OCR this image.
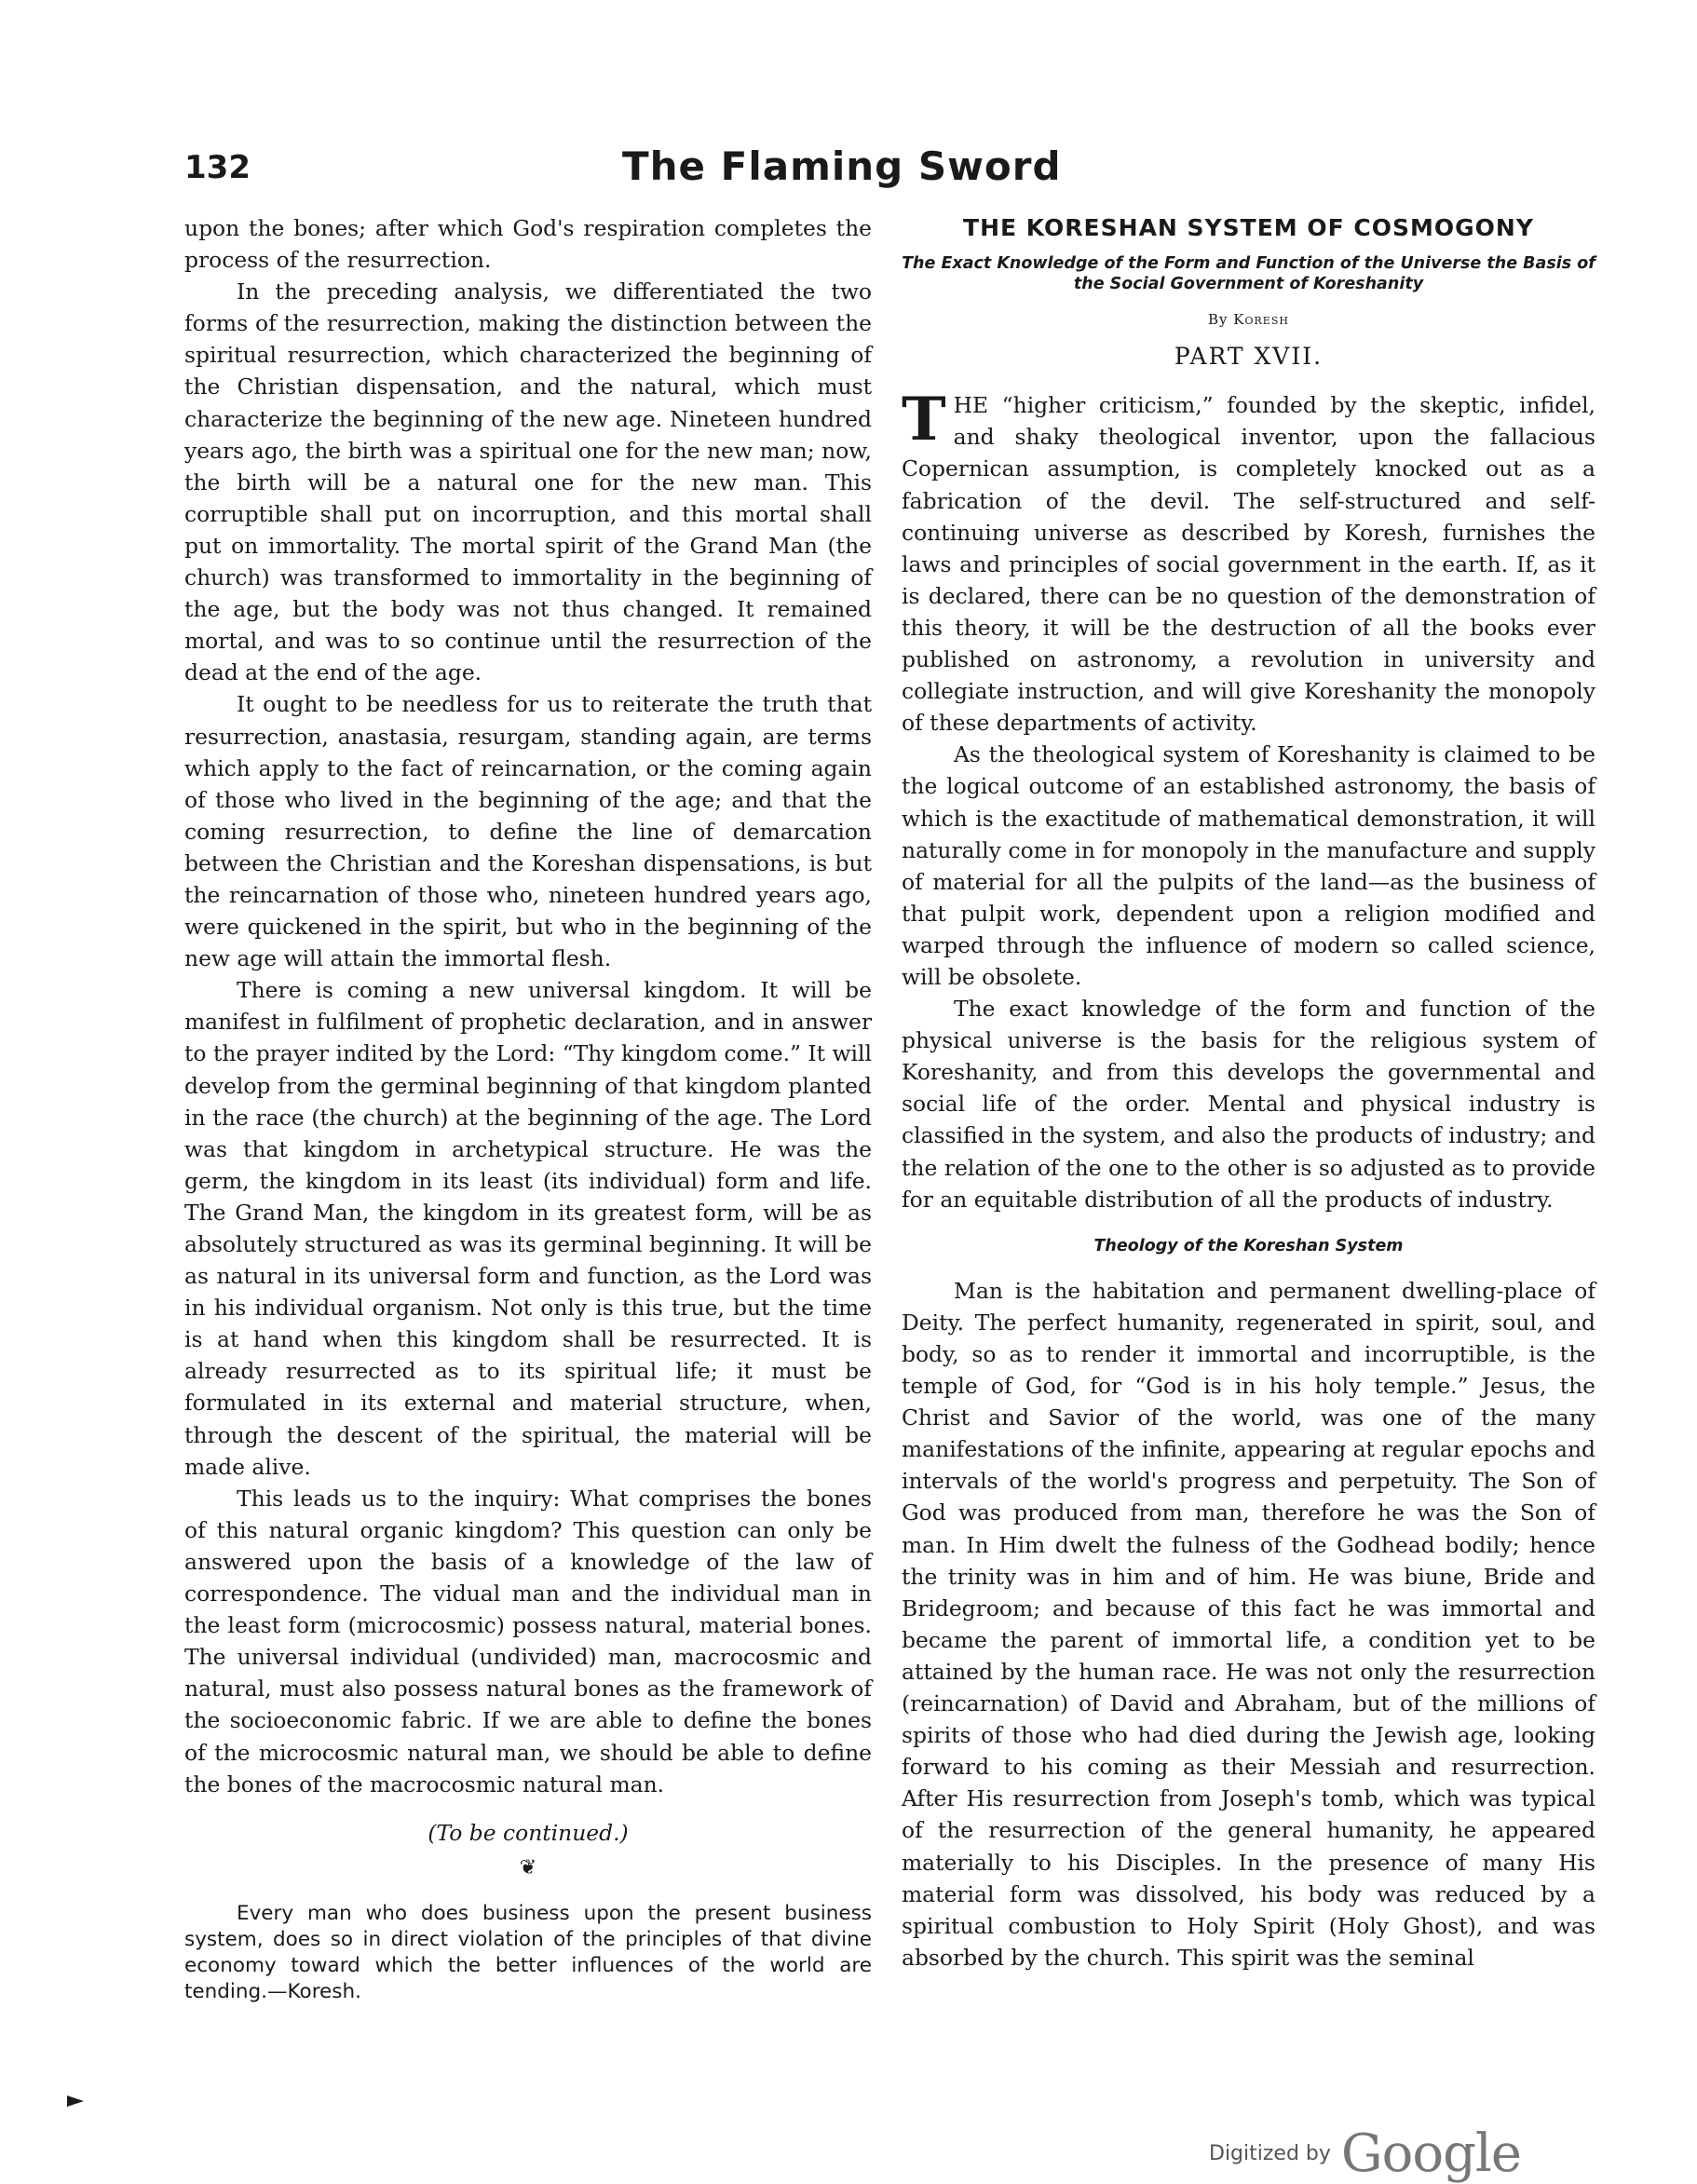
132	The Flaming Sword

upon the bones; after which God's respiration completes the process of the resurrection.

In the preceding analysis, we differentiated the two forms of the resurrection, making the distinction between the spiritual resurrection, which characterized the beginning of the Christian dispensation, and the natural, which must characterize the beginning of the new age. Nineteen hundred years ago, the birth was a spiritual one for the new man; now, the birth will be a natural one for the new man. This corruptible shall put on incorruption, and this mortal shall put on immortality. The mortal spirit of the Grand Man (the church) was transformed to immortality in the beginning of the age, but the body was not thus changed. It remained mortal, and was to so continue until the resurrection of the dead at the end of the age.

It ought to be needless for us to reiterate the truth that resurrection, anastasia, resurgam, standing again, are terms which apply to the fact of reincarnation, or the coming again of those who lived in the beginning of the age; and that the coming resurrection, to define the line of demarcation between the Christian and the Koreshan dispensations, is but the reincarnation of those who, nineteen hundred years ago, were quickened in the spirit, but who in the beginning of the new age will attain the immortal flesh.

There is coming a new universal kingdom. It will be manifest in fulfilment of prophetic declaration, and in answer to the prayer indited by the Lord: “Thy kingdom come.” It will develop from the germinal beginning of that kingdom planted in the race (the church) at the beginning of the age. The Lord was that kingdom in archetypical structure. He was the germ, the kingdom in its least (its individual) form and life. The Grand Man, the kingdom in its greatest form, will be as absolutely structured as was its germinal beginning. It will be as natural in its universal form and function, as the Lord was in his individual organism. Not only is this true, but the time is at hand when this kingdom shall be resurrected. It is already resurrected as to its spiritual life; it must be formulated in its external and material structure, when, through the descent of the spiritual, the material will be made alive.

This leads us to the inquiry: What comprises the bones of this natural organic kingdom? This question can only be answered upon the basis of a knowledge of the law of correspondence. The vidual man and the individual man in the least form (microcosmic) possess natural, material bones. The universal individual (undivided) man, macrocosmic and natural, must also possess natural bones as the framework of the socioeconomic fabric. If we are able to define the bones of the microcosmic natural man, we should be able to define the bones of the macrocosmic natural man.

(To be continued.)

❦

Every man who does business upon the present business system, does so in direct violation of the principles of that divine economy toward which the better influences of the world are tending.—Koresh.

THE KORESHAN SYSTEM OF COSMOGONY
The Exact Knowledge of the Form and Function of the Universe the Basis of the Social Government of Koreshanity
By Koresh
PART XVII.

THE “higher criticism,” founded by the skeptic, infidel, and shaky theological inventor, upon the fallacious Copernican assumption, is completely knocked out as a fabrication of the devil. The self-structured and self-continuing universe as described by Koresh, furnishes the laws and principles of social government in the earth. If, as it is declared, there can be no question of the demonstration of this theory, it will be the destruction of all the books ever published on astronomy, a revolution in university and collegiate instruction, and will give Koreshanity the monopoly of these departments of activity.

As the theological system of Koreshanity is claimed to be the logical outcome of an established astronomy, the basis of which is the exactitude of mathematical demonstration, it will naturally come in for monopoly in the manufacture and supply of material for all the pulpits of the land—as the business of that pulpit work, dependent upon a religion modified and warped through the influence of modern so called science, will be obsolete.

The exact knowledge of the form and function of the physical universe is the basis for the religious system of Koreshanity, and from this develops the governmental and social life of the order. Mental and physical industry is classified in the system, and also the products of industry; and the relation of the one to the other is so adjusted as to provide for an equitable distribution of all the products of industry.

Theology of the Koreshan System

Man is the habitation and permanent dwelling-place of Deity. The perfect humanity, regenerated in spirit, soul, and body, so as to render it immortal and incorruptible, is the temple of God, for “God is in his holy temple.” Jesus, the Christ and Savior of the world, was one of the many manifestations of the infinite, appearing at regular epochs and intervals of the world's progress and perpetuity. The Son of God was produced from man, therefore he was the Son of man. In Him dwelt the fulness of the Godhead bodily; hence the trinity was in him and of him. He was biune, Bride and Bridegroom; and because of this fact he was immortal and became the parent of immortal life, a condition yet to be attained by the human race. He was not only the resurrection (reincarnation) of David and Abraham, but of the millions of spirits of those who had died during the Jewish age, looking forward to his coming as their Messiah and resurrection. After His resurrection from Joseph's tomb, which was typical of the resurrection of the general humanity, he appeared materially to his Disciples. In the presence of many His material form was dissolved, his body was reduced by a spiritual combustion to Holy Spirit (Holy Ghost), and was absorbed by the church. This spirit was the seminal

Digitized by Google
